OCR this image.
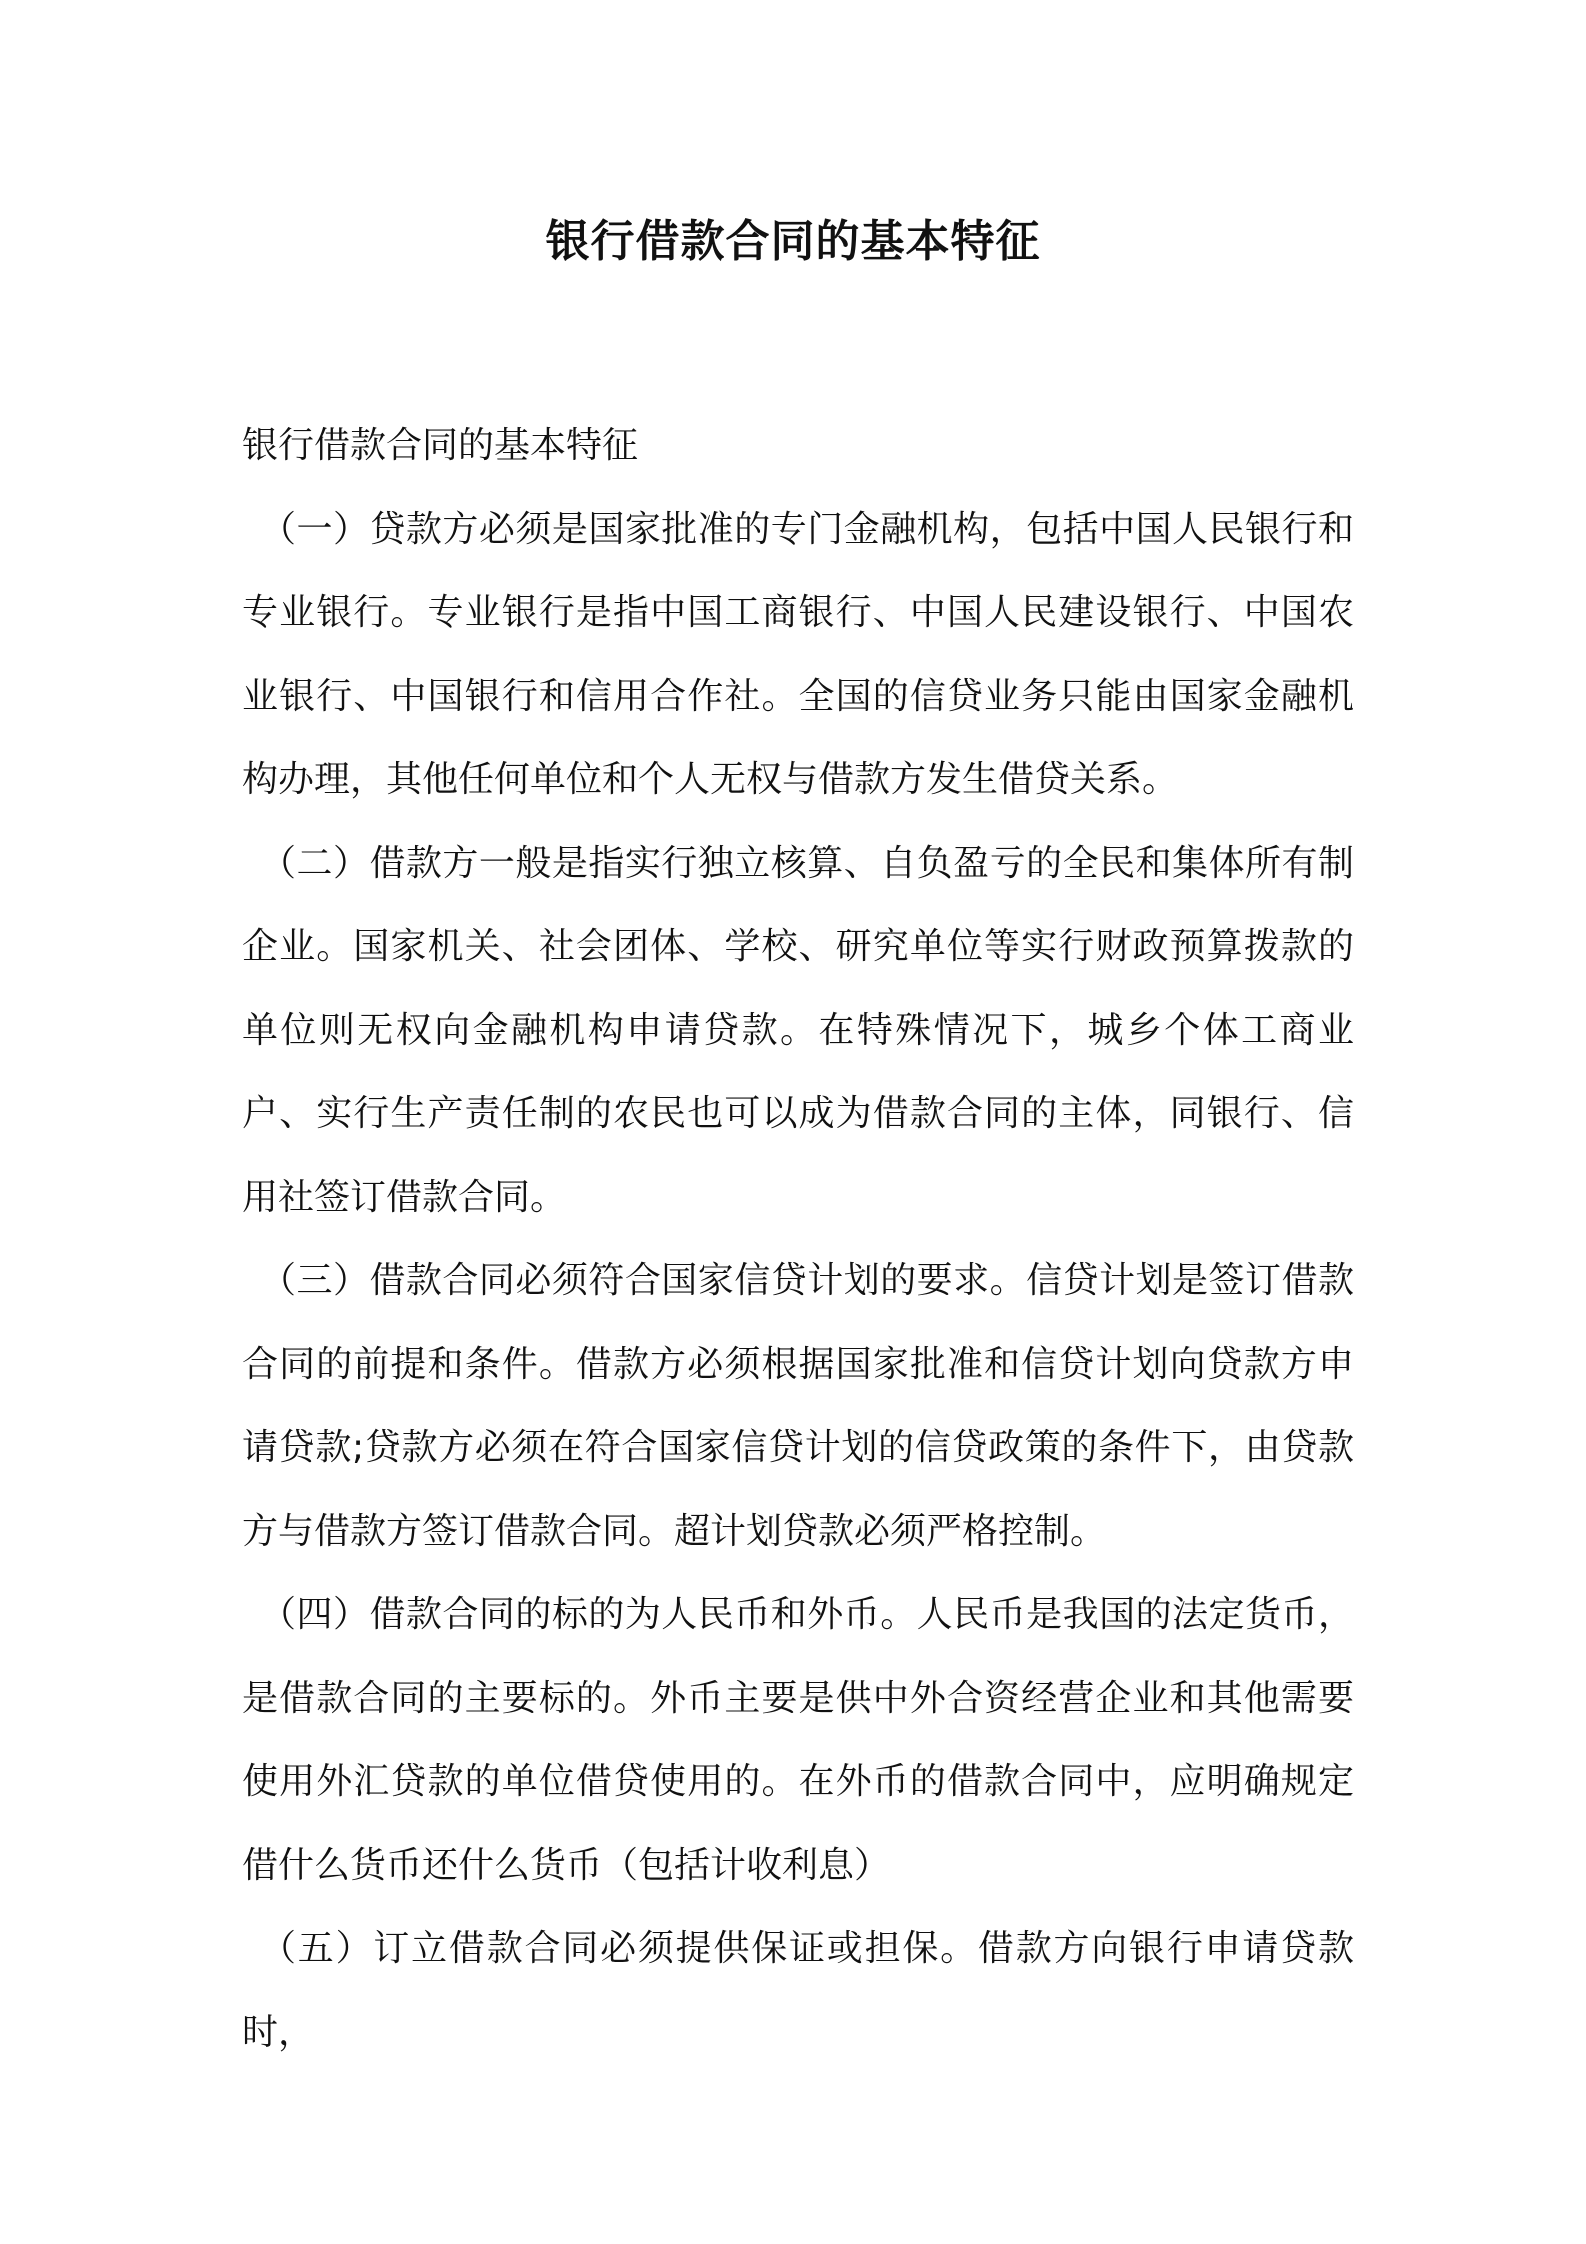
银行借款合同的基本特征

银行借款合同的基本特征

（一）贷款方必须是国家批准的专门金融机构，包括中国人民银行和专业银行。专业银行是指中国工商银行、中国人民建设银行、中国农业银行、中国银行和信用合作社。全国的信贷业务只能由国家金融机构办理，其他任何单位和个人无权与借款方发生借贷关系。

（二）借款方一般是指实行独立核算、自负盈亏的全民和集体所有制企业。国家机关、社会团体、学校、研究单位等实行财政预算拨款的单位则无权向金融机构申请贷款。在特殊情况下，城乡个体工商业户、实行生产责任制的农民也可以成为借款合同的主体，同银行、信用社签订借款合同。

（三）借款合同必须符合国家信贷计划的要求。信贷计划是签订借款合同的前提和条件。借款方必须根据国家批准和信贷计划向贷款方申请贷款;贷款方必须在符合国家信贷计划的信贷政策的条件下，由贷款方与借款方签订借款合同。超计划贷款必须严格控制。

（四）借款合同的标的为人民币和外币。人民币是我国的法定货币，是借款合同的主要标的。外币主要是供中外合资经营企业和其他需要使用外汇贷款的单位借贷使用的。在外币的借款合同中，应明确规定借什么货币还什么货币（包括计收利息）

（五）订立借款合同必须提供保证或担保。借款方向银行申请贷款时，
